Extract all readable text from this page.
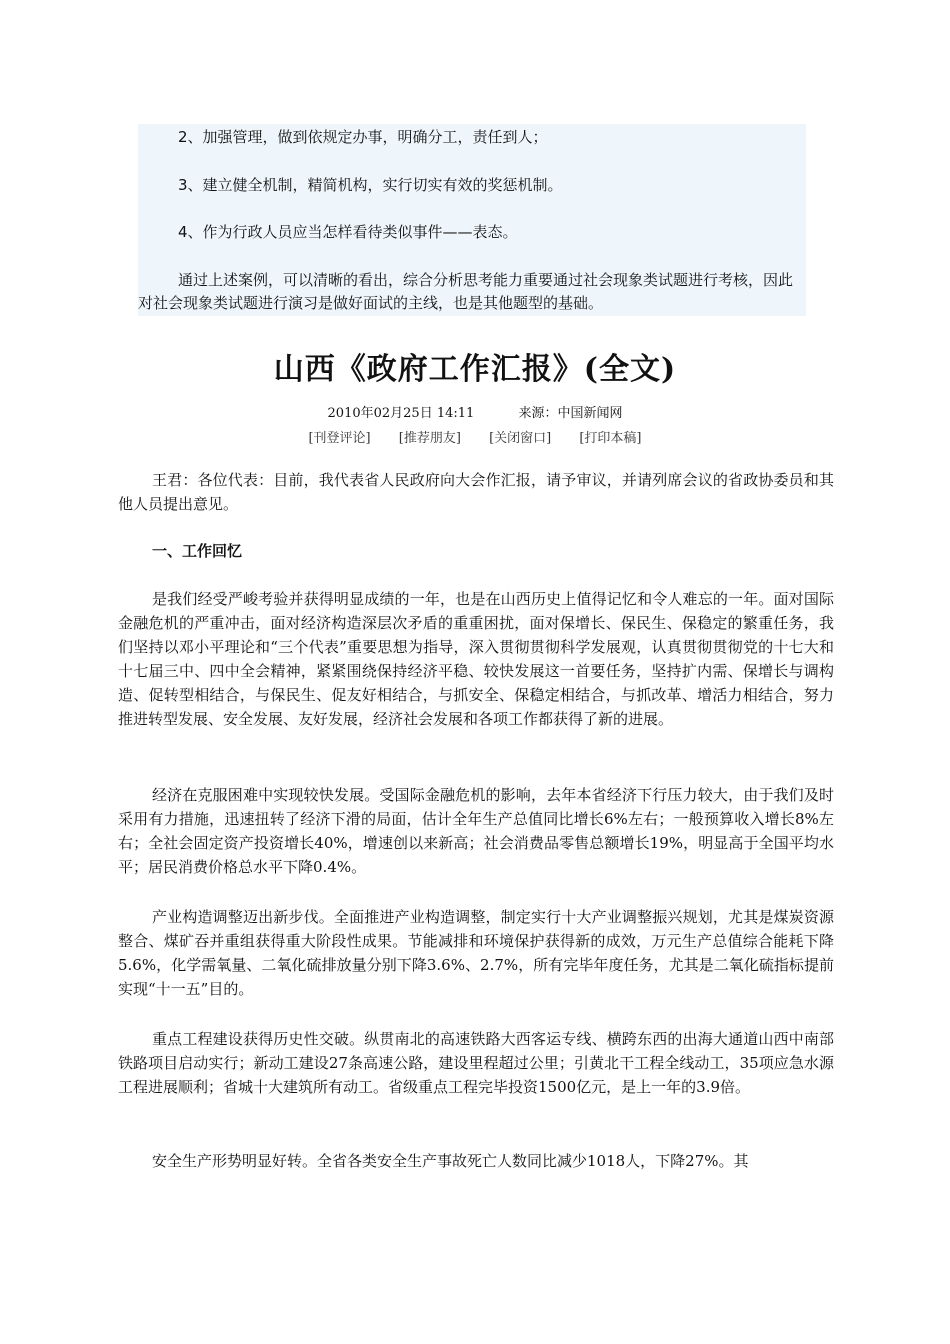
2、加强管理，做到依规定办事，明确分工，责任到人；

3、建立健全机制，精简机构，实行切实有效的奖惩机制。

4、作为行政人员应当怎样看待类似事件——表态。

通过上述案例，可以清晰的看出，综合分析思考能力重要通过社会现象类试题进行考核，因此对社会现象类试题进行演习是做好面试的主线，也是其他题型的基础。

山西《政府工作汇报》(全文)
2010年02月25日 14:11	来源：中国新闻网
[刊登评论] [推荐朋友] [关闭窗口] [打印本稿]

王君：各位代表：目前，我代表省人民政府向大会作汇报，请予审议，并请列席会议的省政协委员和其他人员提出意见。

一、工作回忆

是我们经受严峻考验并获得明显成绩的一年，也是在山西历史上值得记忆和令人难忘的一年。面对国际金融危机的严重冲击，面对经济构造深层次矛盾的重重困扰，面对保增长、保民生、保稳定的繁重任务，我们坚持以邓小平理论和“三个代表”重要思想为指导，深入贯彻贯彻科学发展观，认真贯彻贯彻党的十七大和十七届三中、四中全会精神，紧紧围绕保持经济平稳、较快发展这一首要任务，坚持扩内需、保增长与调构造、促转型相结合，与保民生、促友好相结合，与抓安全、保稳定相结合，与抓改革、增活力相结合，努力推进转型发展、安全发展、友好发展，经济社会发展和各项工作都获得了新的进展。

经济在克服困难中实现较快发展。受国际金融危机的影响，去年本省经济下行压力较大，由于我们及时采用有力措施，迅速扭转了经济下滑的局面，估计全年生产总值同比增长6%左右；一般预算收入增长8%左右；全社会固定资产投资增长40%，增速创以来新高；社会消费品零售总额增长19%，明显高于全国平均水平；居民消费价格总水平下降0.4%。

产业构造调整迈出新步伐。全面推进产业构造调整，制定实行十大产业调整振兴规划，尤其是煤炭资源整合、煤矿吞并重组获得重大阶段性成果。节能减排和环境保护获得新的成效，万元生产总值综合能耗下降5.6%，化学需氧量、二氧化硫排放量分别下降3.6%、2.7%，所有完毕年度任务，尤其是二氧化硫指标提前实现“十一五”目的。

重点工程建设获得历史性交破。纵贯南北的高速铁路大西客运专线、横跨东西的出海大通道山西中南部铁路项目启动实行；新动工建设27条高速公路，建设里程超过公里；引黄北干工程全线动工，35项应急水源工程进展顺利；省城十大建筑所有动工。省级重点工程完毕投资1500亿元，是上一年的3.9倍。

安全生产形势明显好转。全省各类安全生产事故死亡人数同比减少1018人，下降27%。其
